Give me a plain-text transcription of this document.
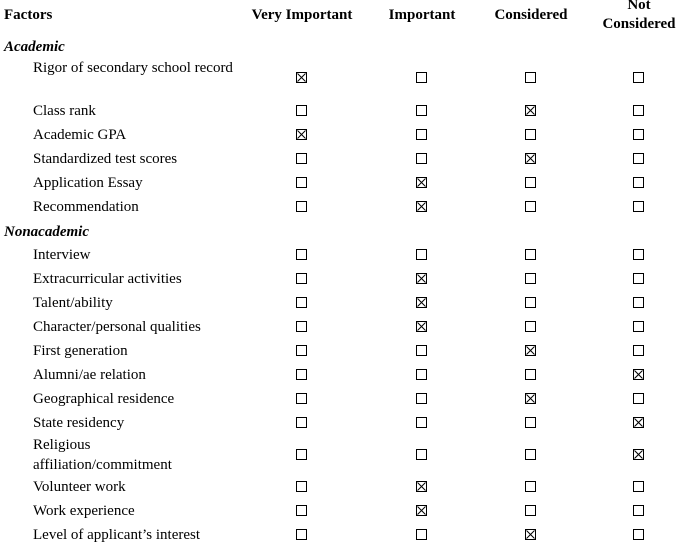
Factors	Very Important Important	Considered
Not
Considered
Academic
Nonacademic
Rigor of secondary school record
Class rank
Academic GPA
Standardized test scores
Application Essay
Recommendation
Interview
Extracurricular activities
Talent/ability
Character/personal qualities
First generation
Alumni/ae relation
Geographical residence
State residency
Religious affiliation/commitment
Volunteer work
Work experience
Level of applicant’s interest
